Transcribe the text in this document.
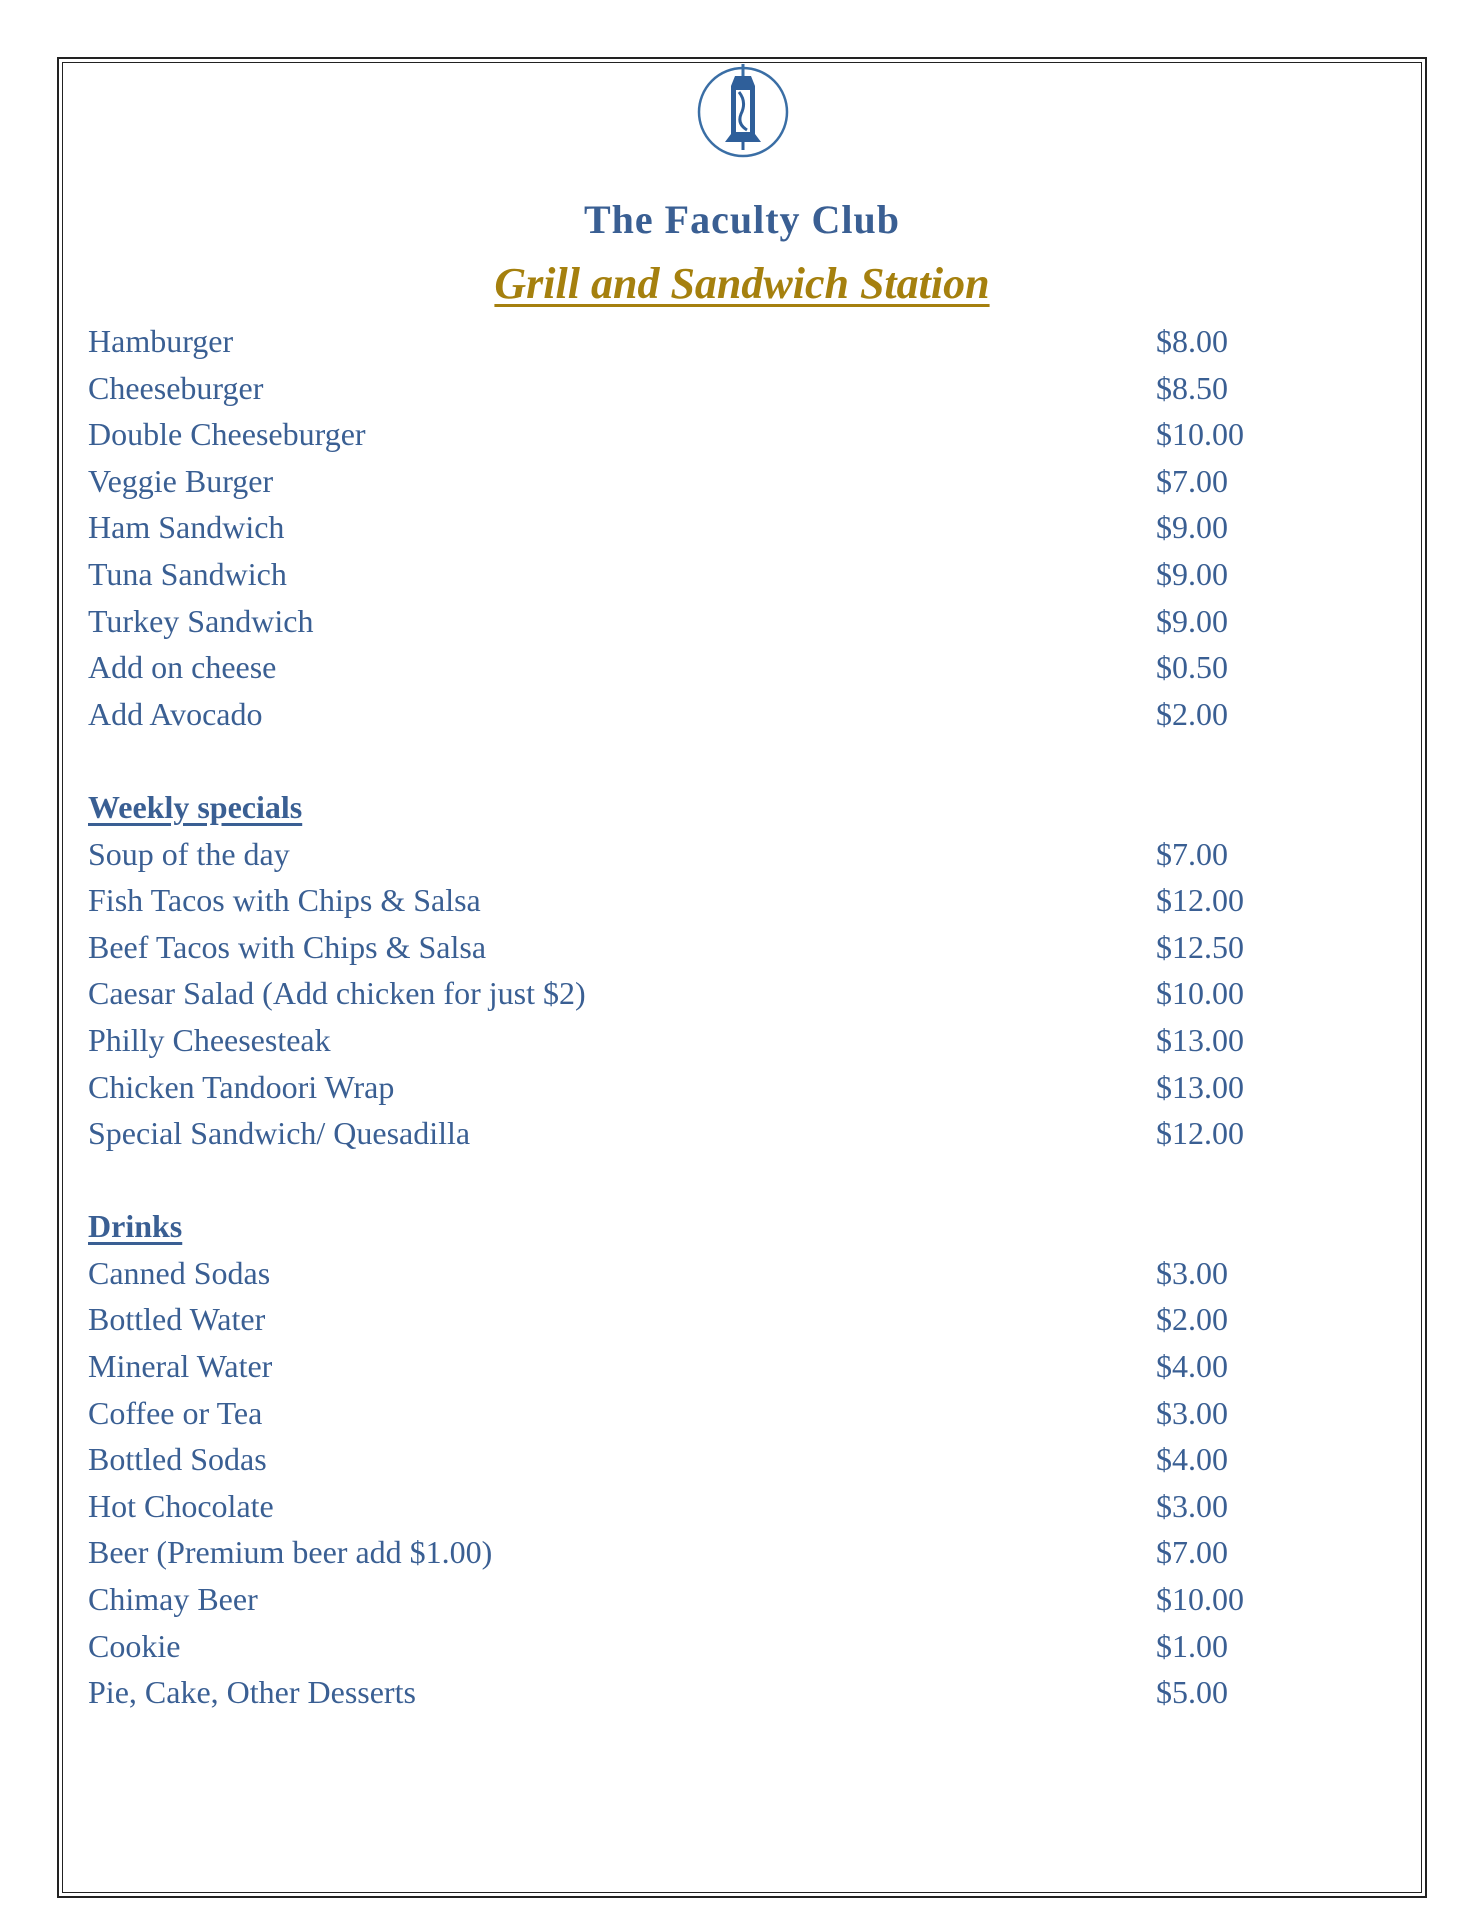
The Faculty Club
Grill and Sandwich Station
Hamburger	$8.00
Cheeseburger	$8.50
Double Cheeseburger	$10.00
Veggie Burger	$7.00
Ham Sandwich	$9.00
Tuna Sandwich	$9.00
Turkey Sandwich	$9.00
Add on cheese	$0.50
Add Avocado	$2.00
Weekly specials
Soup of the day	$7.00
Fish Tacos with Chips & Salsa	$12.00
Beef Tacos with Chips & Salsa	$12.50
Caesar Salad (Add chicken for just $2)	$10.00
Philly Cheesesteak	$13.00
Chicken Tandoori Wrap	$13.00
Special Sandwich/ Quesadilla	$12.00
Drinks
Canned Sodas	$3.00
Bottled Water	$2.00
Mineral Water	$4.00
Coffee or Tea	$3.00
Bottled Sodas	$4.00
Hot Chocolate	$3.00
Beer (Premium beer add $1.00)	$7.00
Chimay Beer	$10.00
Cookie	$1.00
Pie, Cake, Other Desserts	$5.00
